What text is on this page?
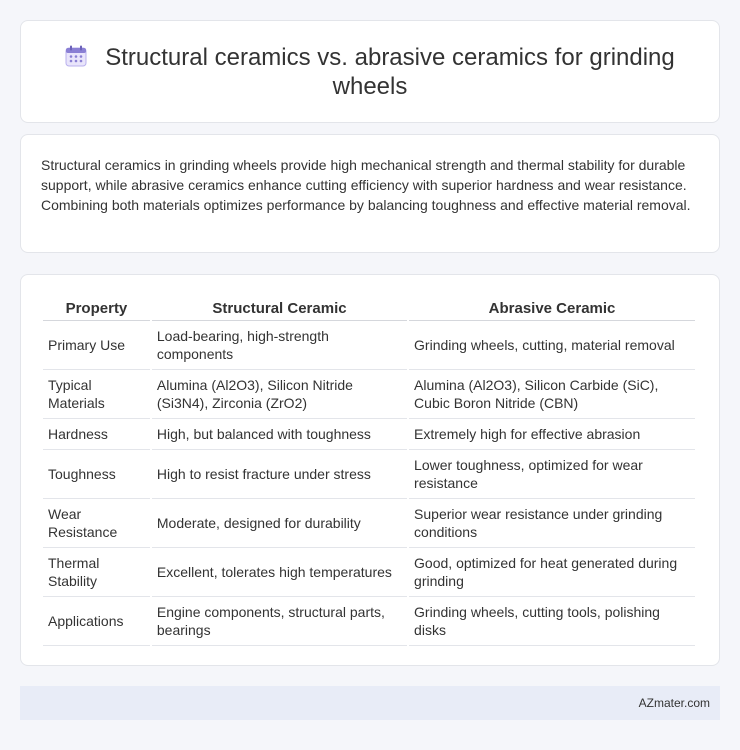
Structural ceramics vs. abrasive ceramics for grinding wheels

Structural ceramics in grinding wheels provide high mechanical strength and thermal stability for durable support, while abrasive ceramics enhance cutting efficiency with superior hardness and wear resistance. Combining both materials optimizes performance by balancing toughness and effective material removal.

Property	Structural Ceramic	Abrasive Ceramic
Primary Use	Load-bearing, high-strength components	Grinding wheels, cutting, material removal
Typical Materials	Alumina (Al2O3), Silicon Nitride (Si3N4), Zirconia (ZrO2)	Alumina (Al2O3), Silicon Carbide (SiC), Cubic Boron Nitride (CBN)
Hardness	High, but balanced with toughness	Extremely high for effective abrasion
Toughness	High to resist fracture under stress	Lower toughness, optimized for wear resistance
Wear Resistance	Moderate, designed for durability	Superior wear resistance under grinding conditions
Thermal Stability	Excellent, tolerates high temperatures	Good, optimized for heat generated during grinding
Applications	Engine components, structural parts, bearings	Grinding wheels, cutting tools, polishing disks
AZmater.com
